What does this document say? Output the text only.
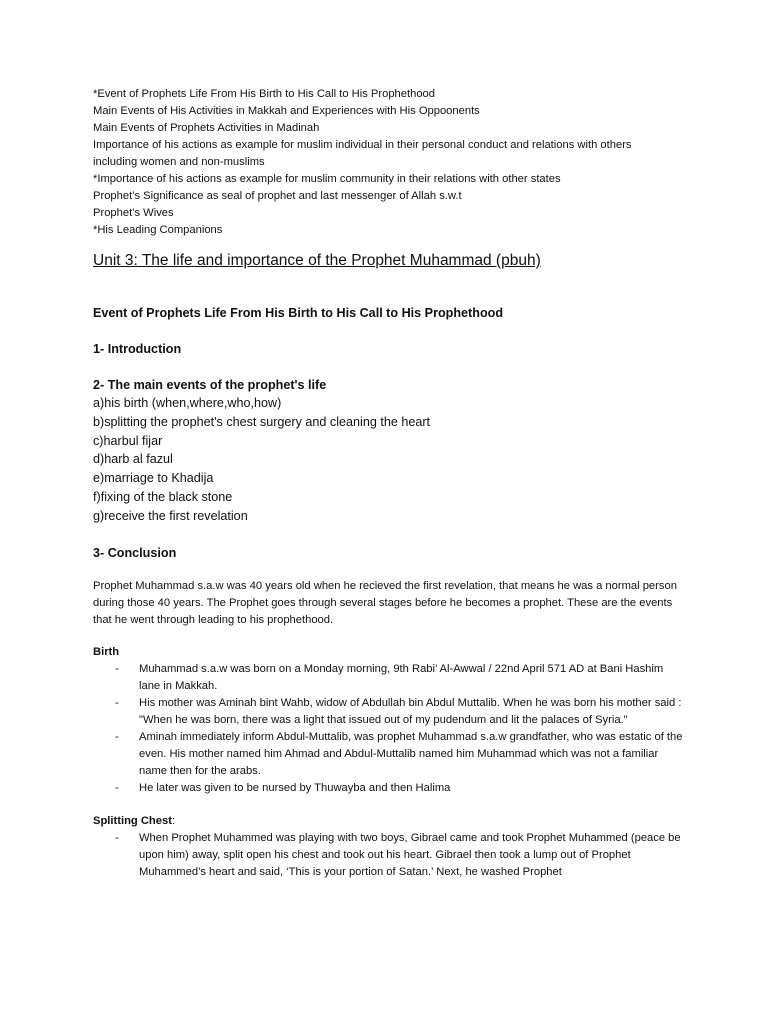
*Event of Prophets Life From His Birth to His Call to His Prophethood
Main Events of His Activities in Makkah and Experiences with His Oppoonents
Main Events of Prophets Activities in Madinah
Importance of his actions as example for muslim individual in their personal conduct and relations with others
including women and non-muslims
*Importance of his actions as example for muslim community in their relations with other states
Prophet’s Significance as seal of prophet and last messenger of Allah s.w.t
Prophet’s Wives
*His Leading Companions
Unit 3: The life and importance of the Prophet Muhammad (pbuh)
Event of Prophets Life From His Birth to His Call to His Prophethood
1- Introduction
2- The main events of the prophet's life
a)his birth (when,where,who,how)
b)splitting the prophet's chest surgery and cleaning the heart
c)harbul fijar
d)harb al fazul
e)marriage to Khadija
f)fixing of the black stone
g)receive the first revelation
3- Conclusion
Prophet Muhammad s.a.w was 40 years old when he recieved the first revelation, that means he was a normal person during those 40 years. The Prophet goes through several stages before he becomes a prophet. These are the events that he went through leading to his prophethood.
Birth
- Muhammad s.a.w was born on a Monday morning, 9th Rabi’ Al-Awwal / 22nd April 571 AD at Bani Hashim lane in Makkah.
- His mother was Aminah bint Wahb, widow of Abdullah bin Abdul Muttalib. When he was born his mother said : "When he was born, there was a light that issued out of my pudendum and lit the palaces of Syria."
- Aminah immediately inform Abdul-Muttalib, was prophet Muhammad s.a.w grandfather, who was estatic of the even. His mother named him Ahmad and Abdul-Muttalib named him Muhammad which was not a familiar name then for the arabs.
- He later was given to be nursed by Thuwayba and then Halima
Splitting Chest:
- When Prophet Muhammed was playing with two boys, Gibrael came and took Prophet Muhammed (peace be upon him) away, split open his chest and took out his heart. Gibrael then took a lump out of Prophet Muhammed’s heart and said, ‘This is your portion of Satan.’ Next, he washed Prophet
